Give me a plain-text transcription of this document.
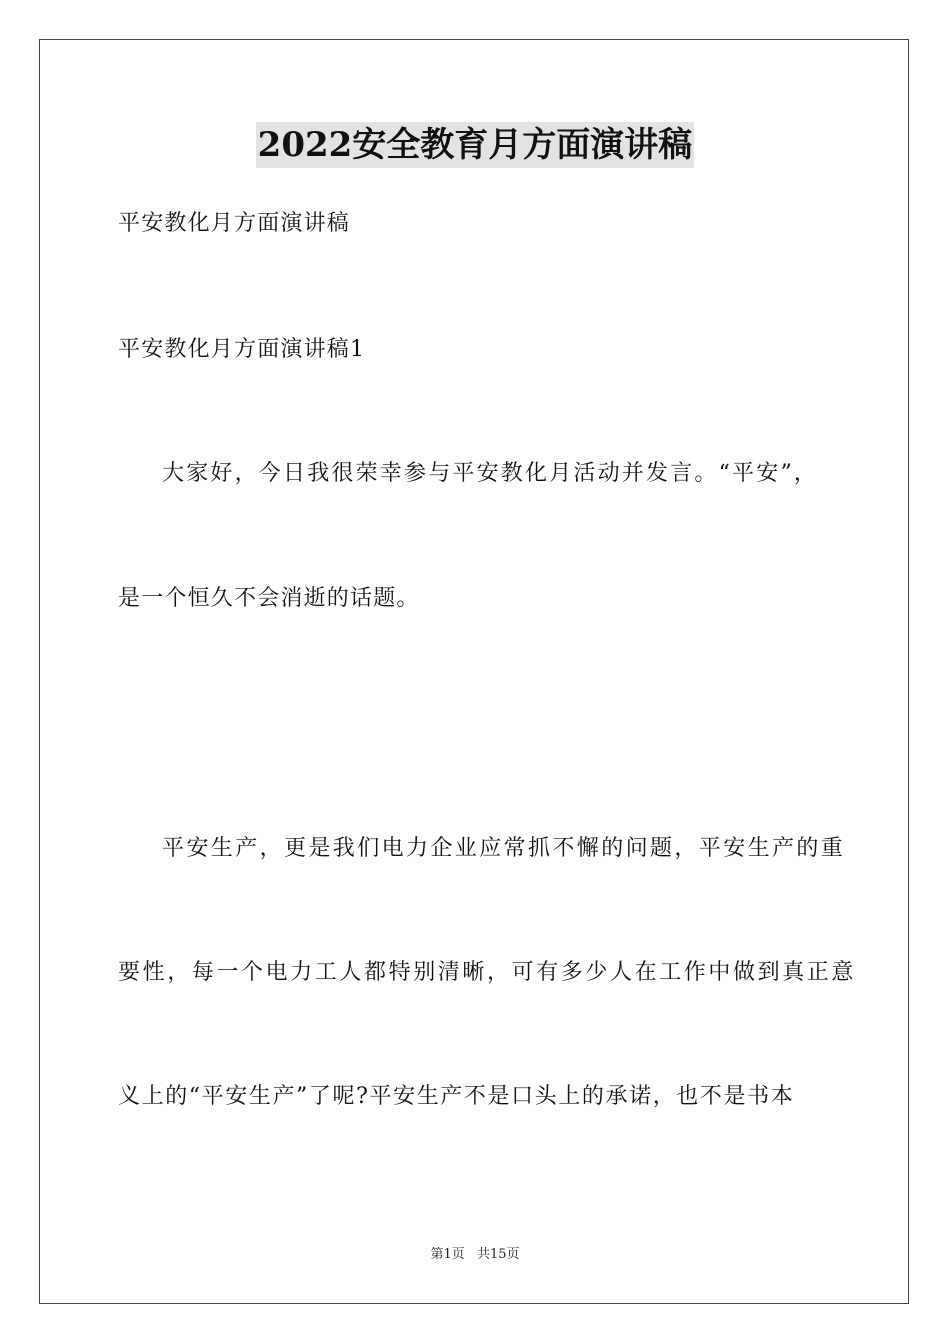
2022安全教育月方面演讲稿
平安教化月方面演讲稿
平安教化月方面演讲稿1
大家好，今日我很荣幸参与平安教化月活动并发言。“平安”，
是一个恒久不会消逝的话题。
平安生产，更是我们电力企业应常抓不懈的问题，平安生产的重
要性，每一个电力工人都特别清晰，可有多少人在工作中做到真正意
义上的“平安生产”了呢?平安生产不是口头上的承诺，也不是书本
第1页 共15页
